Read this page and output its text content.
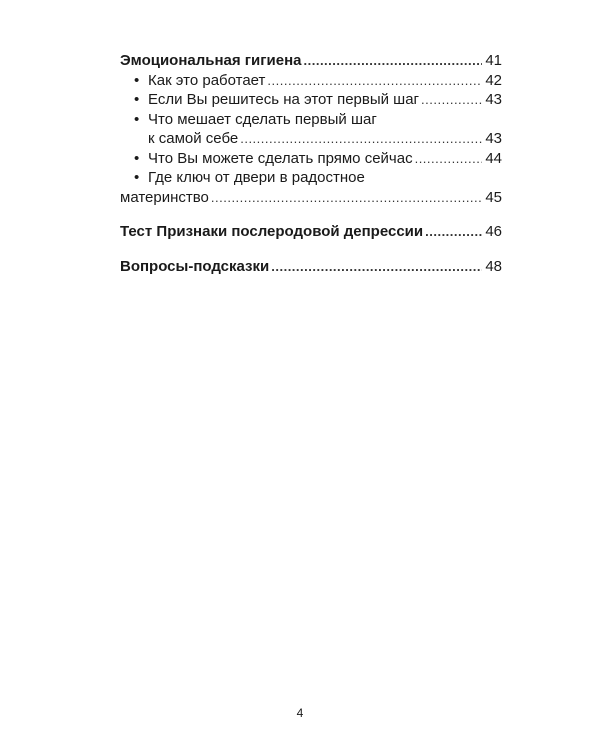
Эмоциональная гигиена .....	41
• Как это работает .....	42
• Если Вы решитесь на этот первый шаг .....	43
• Что мешает сделать первый шаг
к самой себе .....	43
• Что Вы можете сделать прямо сейчас .....	44
• Где ключ от двери в радостное
материнство .....	45
Тест Признаки послеродовой депрессии .....	46
Вопросы-подсказки .....	48
4
